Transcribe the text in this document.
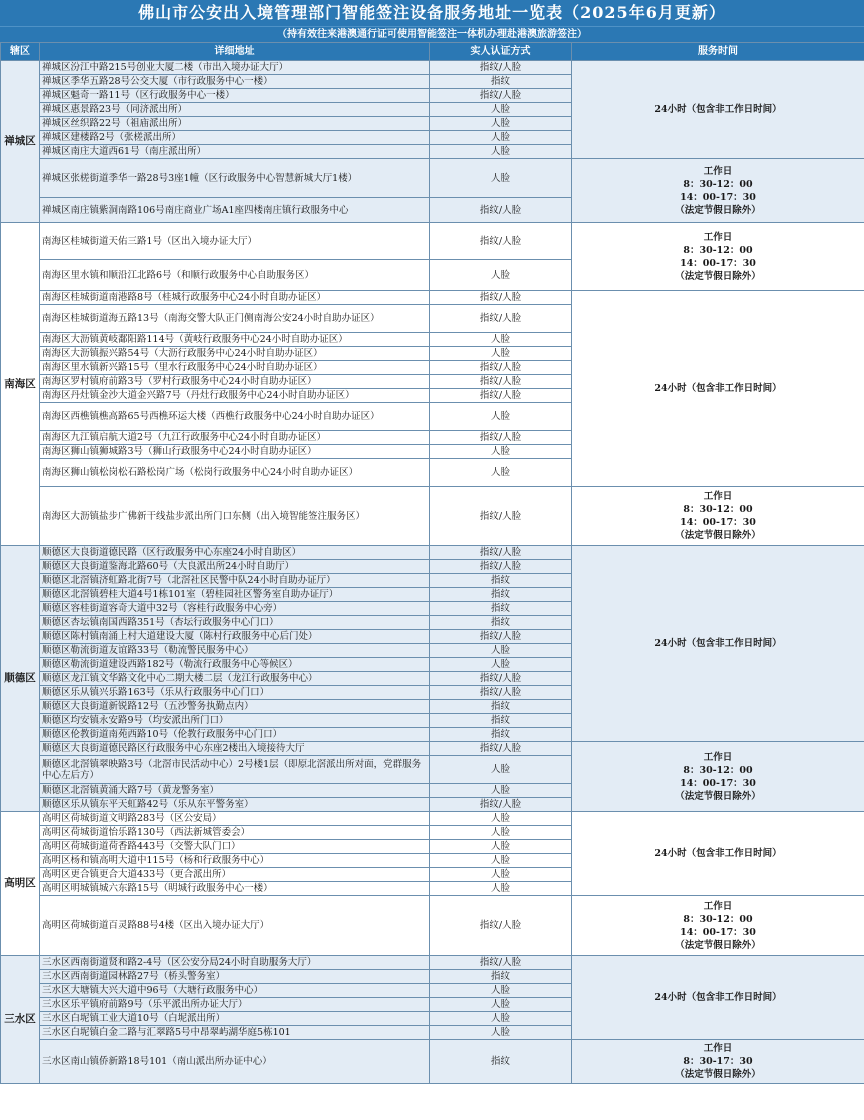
佛山市公安出入境管理部门智能签注设备服务地址一览表（2025年6月更新）
（持有效往来港澳通行证可使用智能签注一体机办理赴港澳旅游签注）
辖区	详细地址	实人认证方式	服务时间
禅城区	禅城区汾江中路215号创业大厦二楼（市出入境办证大厅）	指纹/人脸	24小时（包含非工作日时间）
	禅城区季华五路28号公交大厦（市行政服务中心一楼）	指纹	
	禅城区魁奇一路11号（区行政服务中心一楼）	指纹/人脸	
	禅城区惠景路23号（同济派出所）	人脸	
	禅城区丝织路22号（祖庙派出所）	人脸	
	禅城区建楼路2号（张槎派出所）	人脸	
	禅城区南庄大道西61号（南庄派出所）	人脸	
	禅城区张槎街道季华一路28号3座1幢（区行政服务中心智慧新城大厅1楼）	人脸	工作日
8：30-12：00
14：00-17：30
（法定节假日除外）

	禅城区南庄镇紫洞南路106号南庄商业广场A1座四楼南庄镇行政服务中心	指纹/人脸	
南海区	南海区桂城街道天佑三路1号（区出入境办证大厅）	指纹/人脸	工作日
8：30-12：00
14：00-17：30
（法定节假日除外）

	南海区里水镇和顺沿江北路6号（和顺行政服务中心自助服务区）	人脸	
	南海区桂城街道南港路8号（桂城行政服务中心24小时自助办证区）	指纹/人脸	24小时（包含非工作日时间）
	南海区桂城街道海五路13号（南海交警大队正门侧南海公安24小时自助办证区）	指纹/人脸	
	南海区大沥镇黄岐鄱阳路114号（黄岐行政服务中心24小时自助办证区）	人脸	
	南海区大沥镇振兴路54号（大沥行政服务中心24小时自助办证区）	人脸	
	南海区里水镇新兴路15号（里水行政服务中心24小时自助办证区）	指纹/人脸	
	南海区罗村镇府前路3号（罗村行政服务中心24小时自助办证区）	指纹/人脸	
	南海区丹灶镇金沙大道金兴路7号（丹灶行政服务中心24小时自助办证区）	指纹/人脸	
	南海区西樵镇樵高路65号西樵环运大楼（西樵行政服务中心24小时自助办证区）	人脸	
	南海区九江镇启航大道2号（九江行政服务中心24小时自助办证区）	指纹/人脸	
	南海区狮山镇狮城路3号（狮山行政服务中心24小时自助办证区）	人脸	
	南海区狮山镇松岗松石路松岗广场（松岗行政服务中心24小时自助办证区）	人脸	
	南海区大沥镇盐步广佛新干线盐步派出所门口东侧（出入境智能签注服务区）	指纹/人脸	工作日
8：30-12：00
14：00-17：30
（法定节假日除外）

顺德区	顺德区大良街道德民路（区行政服务中心东座24小时自助区）	指纹/人脸	24小时（包含非工作日时间）
	顺德区大良街道鉴海北路60号（大良派出所24小时自助厅）	指纹/人脸	
	顺德区北滘镇济虹路北街7号（北滘社区民警中队24小时自助办证厅）	指纹	
	顺德区北滘镇碧桂大道4号1栋101室（碧桂园社区警务室自助办证厅）	指纹	
	顺德区容桂街道容奇大道中32号（容桂行政服务中心旁）	指纹	
	顺德区杏坛镇南国西路351号（杏坛行政服务中心门口）	指纹	
	顺德区陈村镇南涌上村大道建设大厦（陈村行政服务中心后门处）	指纹/人脸	
	顺德区勒流街道友谊路33号（勒流警民服务中心）	人脸	
	顺德区勒流街道建设西路182号（勒流行政服务中心等候区）	人脸	
	顺德区龙江镇文华路文化中心二期大楼二层（龙江行政服务中心）	指纹/人脸	
	顺德区乐从镇兴乐路163号（乐从行政服务中心门口）	指纹/人脸	
	顺德区大良街道新锐路12号（五沙警务执勤点内）	指纹	
	顺德区均安镇永安路9号（均安派出所门口）	指纹	
	顺德区伦教街道南苑西路10号（伦教行政服务中心门口）	指纹	
	顺德区大良街道德民路区行政服务中心东座2楼出入境接待大厅	指纹/人脸	工作日
8：30-12：00
14：00-17：30
（法定节假日除外）

	顺德区北滘镇翠映路3号（北滘市民活动中心）2号楼1层（即原北滘派出所对面，党群服务中心左后方）	人脸	
	顺德区北滘镇黄涌大路7号（黄龙警务室）	人脸	
	顺德区乐从镇东平天虹路42号（乐从东平警务室）	指纹/人脸	
高明区	高明区荷城街道文明路283号（区公安局）	人脸	24小时（包含非工作日时间）
	高明区荷城街道怡乐路130号（西法新城管委会）	人脸	
	高明区荷城街道荷香路443号（交警大队门口）	人脸	
	高明区杨和镇高明大道中115号（杨和行政服务中心）	人脸	
	高明区更合镇更合大道433号（更合派出所）	人脸	
	高明区明城镇城六东路15号（明城行政服务中心一楼）	人脸	
	高明区荷城街道百灵路88号4楼（区出入境办证大厅）	指纹/人脸	工作日
8：30-12：00
14：00-17：30
（法定节假日除外）

三水区	三水区西南街道贤和路2-4号（区公安分局24小时自助服务大厅）	指纹/人脸	24小时（包含非工作日时间）
	三水区西南街道园林路27号（桥头警务室）	指纹	
	三水区大塘镇大兴大道中96号（大塘行政服务中心）	人脸	
	三水区乐平镇府前路9号（乐平派出所办证大厅）	人脸	
	三水区白坭镇工业大道10号（白坭派出所）	人脸	
	三水区白坭镇白金二路与汇翠路5号中昂翠屿湖华庭5栋101	人脸	
	三水区南山镇侨新路18号101（南山派出所办证中心）	指纹	工作日
8：30-17：30
（法定节假日除外）
